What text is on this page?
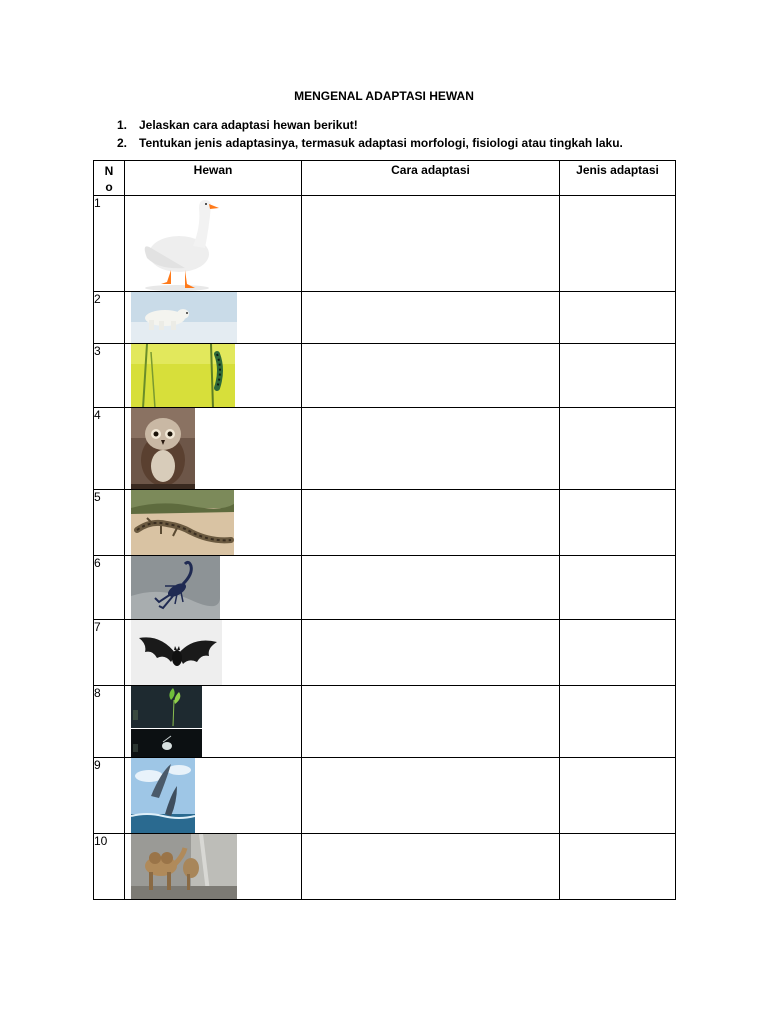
MENGENAL ADAPTASI HEWAN
1. Jelaskan cara adaptasi hewan berikut!
2. Tentukan jenis adaptasinya, termasuk adaptasi morfologi, fisiologi atau tingkah laku.
N
o	Hewan	Cara adaptasi	Jenis adaptasi
1	

2	

3	

4	

5	

6	

7	

8	

9	

10	
